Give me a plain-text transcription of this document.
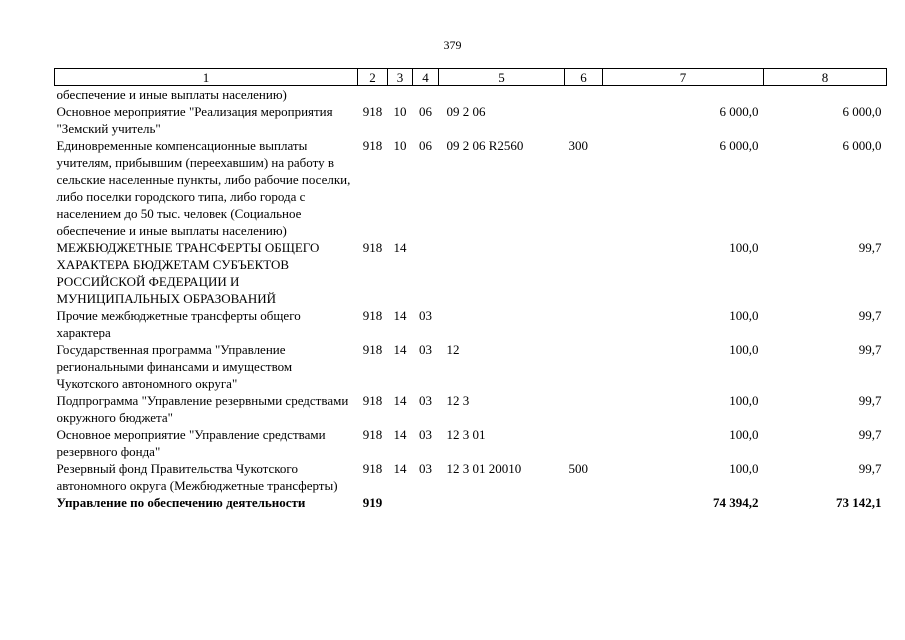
379
1	2	3	4	5	6	7	8
обеспечение и иные выплаты населению)							
Основное мероприятие "Реализация мероприятия "Земский учитель"	918	10	06	09 2 06		6 000,0	6 000,0
Единовременные компенсационные выплаты учителям, прибывшим (переехавшим) на работу в сельские населенные пункты, либо рабочие поселки, либо поселки городского типа, либо города с населением до 50 тыс. человек (Социальное обеспечение и иные выплаты населению)	918	10	06	09 2 06 R2560	300	6 000,0	6 000,0
МЕЖБЮДЖЕТНЫЕ ТРАНСФЕРТЫ ОБЩЕГО ХАРАКТЕРА БЮДЖЕТАМ СУБЪЕКТОВ РОССИЙСКОЙ ФЕДЕРАЦИИ И МУНИЦИПАЛЬНЫХ ОБРАЗОВАНИЙ	918	14				100,0	99,7
Прочие межбюджетные трансферты общего характера	918	14	03			100,0	99,7
Государственная программа "Управление региональными финансами и имуществом Чукотского автономного округа"	918	14	03	12		100,0	99,7
Подпрограмма "Управление резервными средствами окружного бюджета"	918	14	03	12 3		100,0	99,7
Основное мероприятие "Управление средствами резервного фонда"	918	14	03	12 3 01		100,0	99,7
Резервный фонд Правительства Чукотского автономного округа (Межбюджетные трансферты)	918	14	03	12 3 01 20010	500	100,0	99,7
Управление по обеспечению деятельности	919					74 394,2	73 142,1
